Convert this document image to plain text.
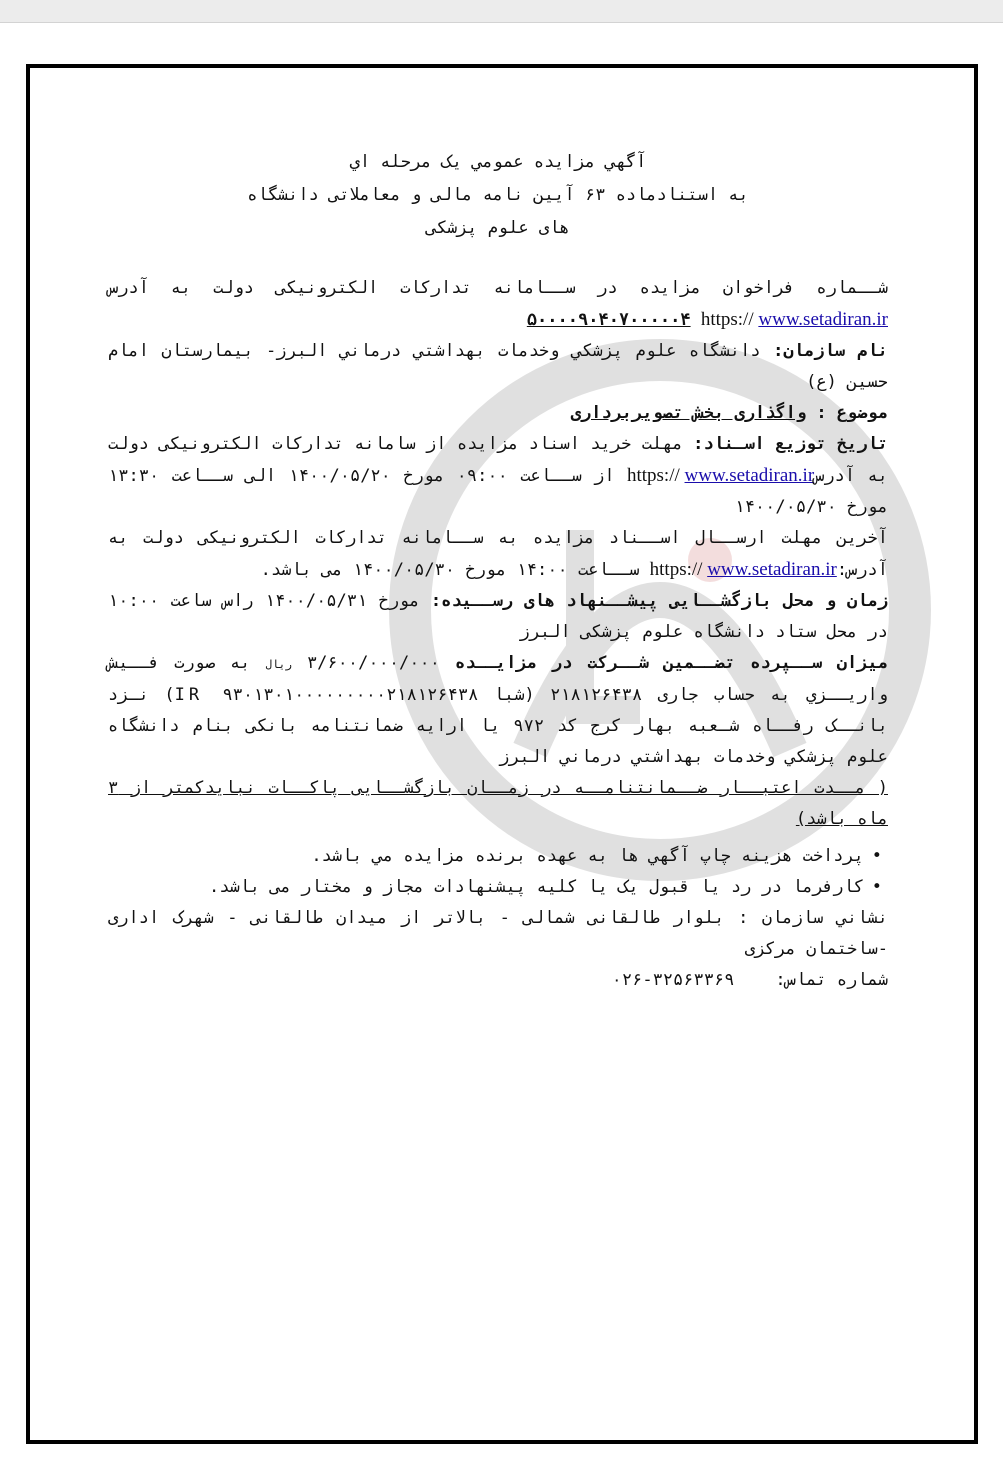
آگهي مزايده عمومي يک مرحله اي
به استنادماده ۶۳ آيين نامه مالی و معاملاتی دانشگاه
های علوم پزشکی
شــماره فراخوان مزايده در ســامانه تداركات الكترونيكى دولت به آدرسhttps:// www.setadiran.ir ۵۰۰۰۰۹۰۴۰۷۰۰۰۰۰۴
نام سازمان: دانشگاه علوم پزشكي وخدمات بهداشتي درماني البرز- بيمارستان امام حسين (ع)
موضوع : واگذاری بخش تصويربرداری
تاريخ توزيع اسـناد: مهلت خريد اسناد مزايده از سامانه تداركات الكترونيكى دولت به آدرسhttps:// www.setadiran.ir از ســاعت ۰۹:۰۰ مورخ ۱۴۰۰/۰۵/۲۰ الى ســاعت ۱۳:۳۰ مورخ ۱۴۰۰/۰۵/۳۰
آخرين مهلت ارســال اســناد مزايده به ســامانه تداركات الكترونيكى دولت به آدرس:https:// www.setadiran.ir ســاعت ۱۴:۰۰ مورخ ۱۴۰۰/۰۵/۳۰ می باشد.
زمان و محل بازگشــايى پيشــنهاد های رســيده: مورخ ۱۴۰۰/۰۵/۳۱ راس ساعت ۱۰:۰۰ در محل ستاد دانشگاه علوم پزشكى البرز
ميزان ســپرده تضــمين شــركت در مزايــده ۳/۶۰۰/۰۰۰/۰۰۰ ريال به صورت فــيش واريــزي به حساب جاری ۲۱۸۱۲۶۴۳۸ (شبا IR ۹۳۰۱۳۰۱۰۰۰۰۰۰۰۰۰۲۱۸۱۲۶۴۳۸) نـزد بانــک رفــاه شـعبه بهار كرج كد ۹۷۲ يا ارايه ضمانتنامه بانكى بنام دانشگاه علوم پزشكي وخدمات بهداشتي درماني البرز
( مــدت اعتبــار ضــمانتنامــه در زمــان بازگشــايى پاكــات نبايدكمتر از ۳ ماه باشد)
•
پرداخت هزينه چاپ آگهي ها به عهده برنده مزايده مي باشد.
•
كارفرما در رد يا قبول يک يا كليه پيشنهادات مجاز و مختار می باشد.
نشاني سازمان : بلوار طالقانى شمالى - بالاتر از ميدان طالقانى - شهرک اداری -ساختمان مركزی
شماره تماس:    ۰۲۶-۳۲۵۶۳۳۶۹
